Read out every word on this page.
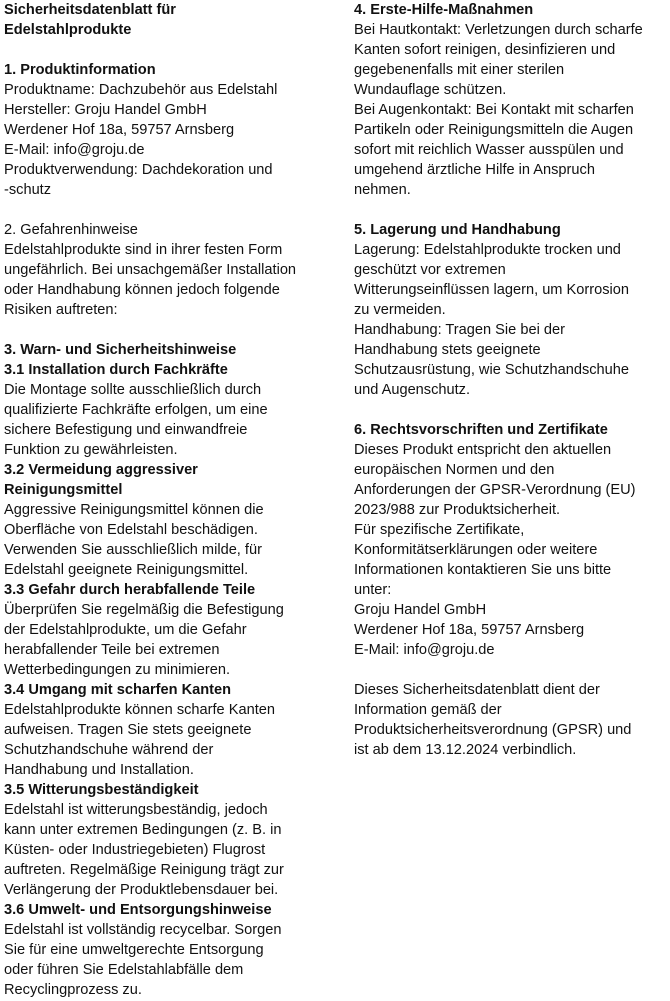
Sicherheitsdatenblatt für
Edelstahlprodukte
1. Produktinformation
Produktname: Dachzubehör aus Edelstahl
Hersteller: Groju Handel GmbH
Werdener Hof 18a, 59757 Arnsberg
E-Mail: info@groju.de
Produktverwendung: Dachdekoration und
-schutz
2. Gefahrenhinweise
Edelstahlprodukte sind in ihrer festen Form
ungefährlich. Bei unsachgemäßer Installation
oder Handhabung können jedoch folgende
Risiken auftreten:
3. Warn- und Sicherheitshinweise
3.1 Installation durch Fachkräfte
Die Montage sollte ausschließlich durch
qualifizierte Fachkräfte erfolgen, um eine
sichere Befestigung und einwandfreie
Funktion zu gewährleisten.
3.2 Vermeidung aggressiver
Reinigungsmittel
Aggressive Reinigungsmittel können die
Oberfläche von Edelstahl beschädigen.
Verwenden Sie ausschließlich milde, für
Edelstahl geeignete Reinigungsmittel.
3.3 Gefahr durch herabfallende Teile
Überprüfen Sie regelmäßig die Befestigung
der Edelstahlprodukte, um die Gefahr
herabfallender Teile bei extremen
Wetterbedingungen zu minimieren.
3.4 Umgang mit scharfen Kanten
Edelstahlprodukte können scharfe Kanten
aufweisen. Tragen Sie stets geeignete
Schutzhandschuhe während der
Handhabung und Installation.
3.5 Witterungsbeständigkeit
Edelstahl ist witterungsbeständig, jedoch
kann unter extremen Bedingungen (z. B. in
Küsten- oder Industriegebieten) Flugrost
auftreten. Regelmäßige Reinigung trägt zur
Verlängerung der Produktlebensdauer bei.
3.6 Umwelt- und Entsorgungshinweise
Edelstahl ist vollständig recycelbar. Sorgen
Sie für eine umweltgerechte Entsorgung
oder führen Sie Edelstahlabfälle dem
Recyclingprozess zu.
4. Erste-Hilfe-Maßnahmen
Bei Hautkontakt: Verletzungen durch scharfe
Kanten sofort reinigen, desinfizieren und
gegebenenfalls mit einer sterilen
Wundauflage schützen.
Bei Augenkontakt: Bei Kontakt mit scharfen
Partikeln oder Reinigungsmitteln die Augen
sofort mit reichlich Wasser ausspülen und
umgehend ärztliche Hilfe in Anspruch
nehmen.
5. Lagerung und Handhabung
Lagerung: Edelstahlprodukte trocken und
geschützt vor extremen
Witterungseinflüssen lagern, um Korrosion
zu vermeiden.
Handhabung: Tragen Sie bei der
Handhabung stets geeignete
Schutzausrüstung, wie Schutzhandschuhe
und Augenschutz.
6. Rechtsvorschriften und Zertifikate
Dieses Produkt entspricht den aktuellen
europäischen Normen und den
Anforderungen der GPSR-Verordnung (EU)
2023/988 zur Produktsicherheit.
Für spezifische Zertifikate,
Konformitätserklärungen oder weitere
Informationen kontaktieren Sie uns bitte
unter:
Groju Handel GmbH
Werdener Hof 18a, 59757 Arnsberg
E-Mail: info@groju.de
Dieses Sicherheitsdatenblatt dient der
Information gemäß der
Produktsicherheitsverordnung (GPSR) und
ist ab dem 13.12.2024 verbindlich.
